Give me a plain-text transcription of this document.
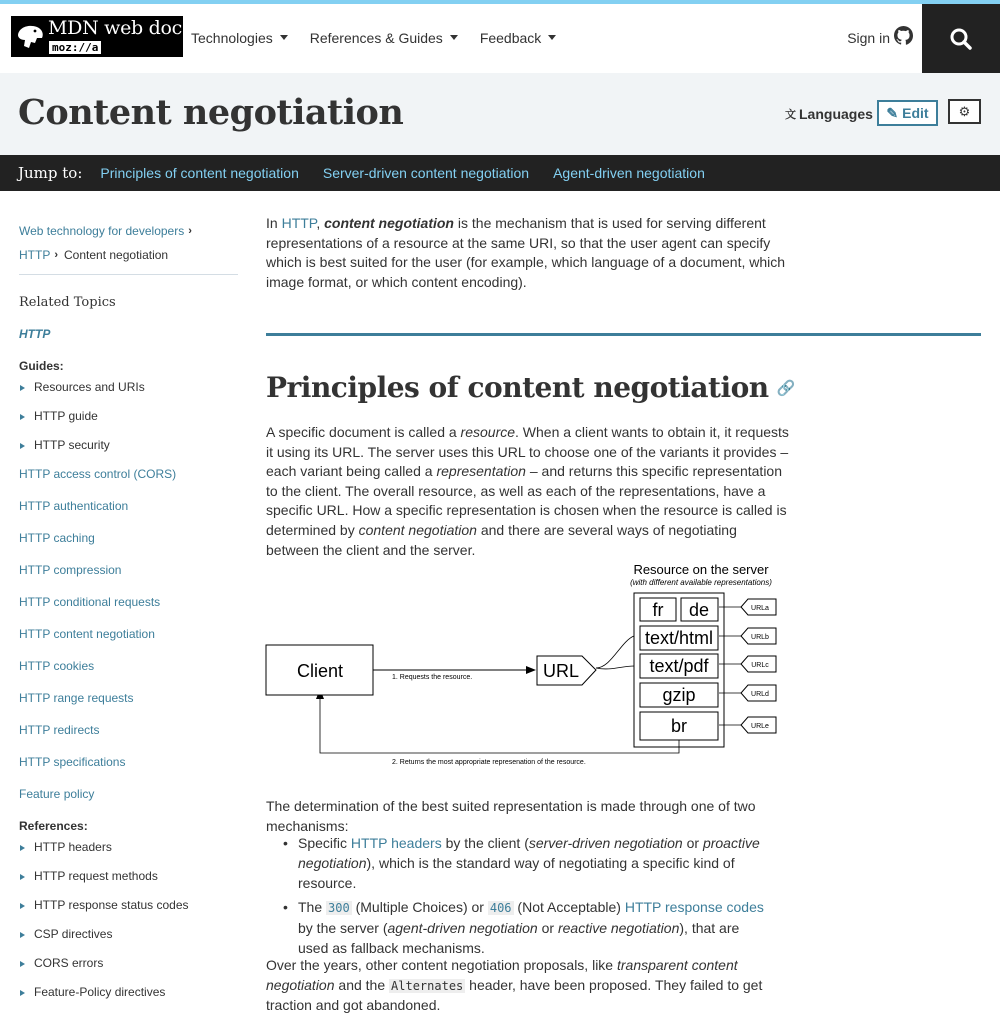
MDN web docs
moz://a
Technologies	References & Guides	Feedback	Sign in
Content negotiation	文 Languages ✎ Edit ⚙
Jump to: Principles of content negotiation Server-driven content negotiation Agent-driven negotiation
Web technology for developers ›
HTTP › Content negotiation
Related Topics
HTTP
Guides:
Resources and URIs
HTTP guide
HTTP security
HTTP access control (CORS)
HTTP authentication
HTTP caching
HTTP compression
HTTP conditional requests
HTTP content negotiation
HTTP cookies
HTTP range requests
HTTP redirects
HTTP specifications
Feature policy
References:
HTTP headers
HTTP request methods
HTTP response status codes
CSP directives
CORS errors
Feature-Policy directives

In HTTP, content negotiation is the mechanism that is used for serving different representations of a resource at the same URI, so that the user agent can specify which is best suited for the user (for example, which language of a document, which image format, or which content encoding).

Principles of content negotiation 🔗

A specific document is called a resource. When a client wants to obtain it, it requests it using its URL. The server uses this URL to choose one of the variants it provides – each variant being called a representation – and returns this specific representation to the client. The overall resource, as well as each of the representations, have a specific URL. How a specific representation is chosen when the resource is called is determined by content negotiation and there are several ways of negotiating between the client and the server.

Resource on the server
(with different available representations)
fr de
text/html
text/pdf
gzip
br
URLa
URLb
URLc
URLd
URLe
Client	1. Requests the resource.	URL
2. Returns the most appropriate represenation of the resource.

The determination of the best suited representation is made through one of two mechanisms:

• Specific HTTP headers by the client (server-driven negotiation or proactive negotiation), which is the standard way of negotiating a specific kind of resource.
• The 300 (Multiple Choices) or 406 (Not Acceptable) HTTP response codes by the server (agent-driven negotiation or reactive negotiation), that are used as fallback mechanisms.

Over the years, other content negotiation proposals, like transparent content negotiation and the Alternates header, have been proposed. They failed to get traction and got abandoned.
